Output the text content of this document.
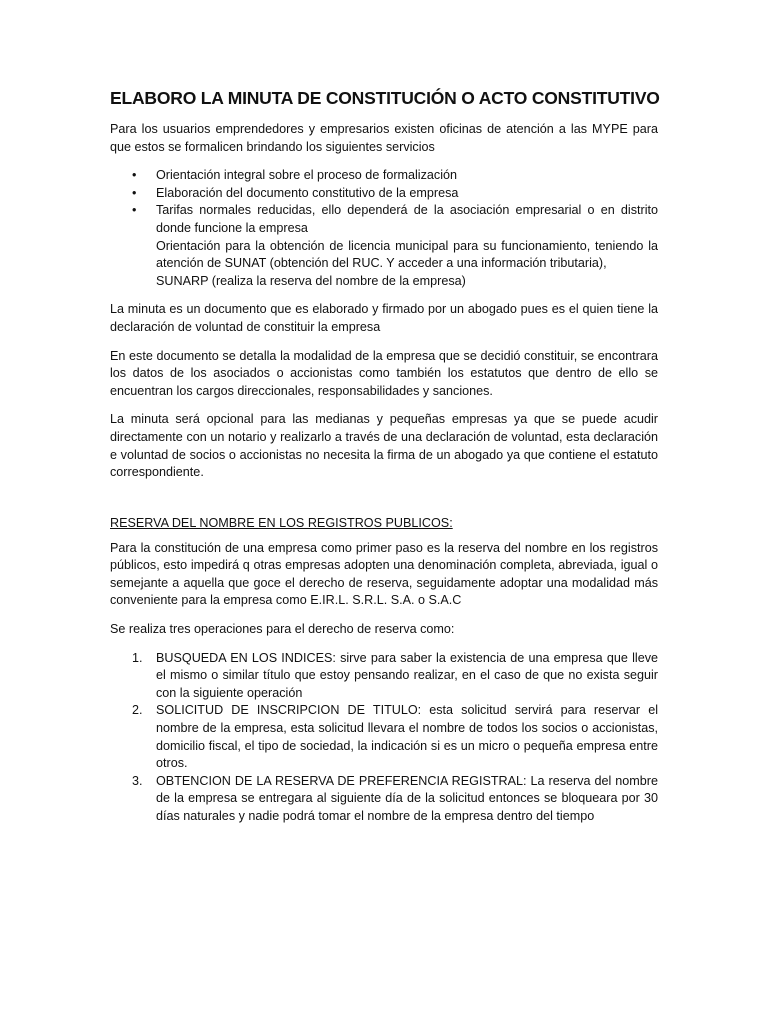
ELABORO LA MINUTA DE CONSTITUCIÓN O ACTO CONSTITUTIVO

Para los usuarios emprendedores y empresarios existen oficinas de atención a las MYPE para que estos se formalicen brindando los siguientes servicios

• Orientación integral sobre el proceso de formalización
• Elaboración del documento constitutivo de la empresa
• Tarifas normales reducidas, ello dependerá de la asociación empresarial o en distrito donde funcione la empresa
Orientación para la obtención de licencia municipal para su funcionamiento, teniendo la atención de SUNAT (obtención del RUC. Y acceder a una información tributaria),
SUNARP (realiza la reserva del nombre de la empresa)

La minuta es un documento que es elaborado y firmado por un abogado pues es el quien tiene la declaración de voluntad de constituir la empresa

En este documento se detalla la modalidad de la empresa que se decidió constituir, se encontrara los datos de los asociados o accionistas como también los estatutos que dentro de ello se encuentran los cargos direccionales, responsabilidades y sanciones.

La minuta será opcional para las medianas y pequeñas empresas ya que se puede acudir directamente con un notario y realizarlo a través de una declaración de voluntad, esta declaración e voluntad de socios o accionistas no necesita la firma de un abogado ya que contiene el estatuto correspondiente.

RESERVA DEL NOMBRE EN LOS REGISTROS PUBLICOS:

Para la constitución de una empresa como primer paso es la reserva del nombre en los registros públicos, esto impedirá q otras empresas adopten una denominación completa, abreviada, igual o semejante a aquella que goce el derecho de reserva, seguidamente adoptar una modalidad más conveniente para la empresa como E.IR.L. S.R.L. S.A. o S.A.C

Se realiza tres operaciones para el derecho de reserva como:

1. BUSQUEDA EN LOS INDICES: sirve para saber la existencia de una empresa que lleve el mismo o similar título que estoy pensando realizar, en el caso de que no exista seguir con la siguiente operación
2. SOLICITUD DE INSCRIPCION DE TITULO: esta solicitud servirá para reservar el nombre de la empresa, esta solicitud llevara el nombre de todos los socios o accionistas, domicilio fiscal, el tipo de sociedad, la indicación si es un micro o pequeña empresa entre otros.
3. OBTENCION DE LA RESERVA DE PREFERENCIA REGISTRAL: La reserva del nombre de la empresa se entregara al siguiente día de la solicitud entonces se bloqueara por 30 días naturales y nadie podrá tomar el nombre de la empresa dentro del tiempo
